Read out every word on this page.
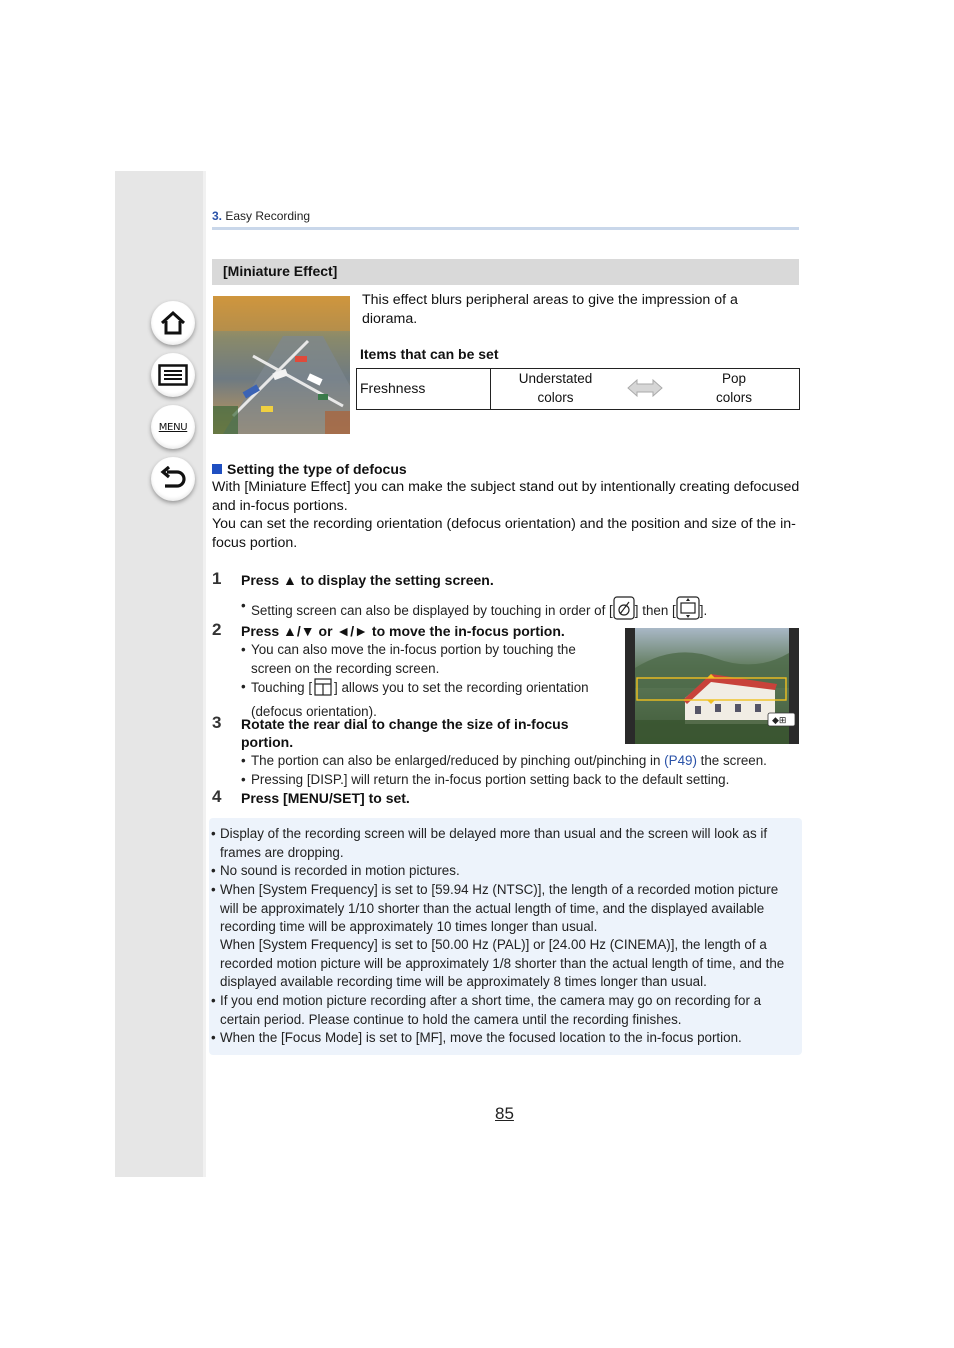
MENU
3. Easy Recording
[Miniature Effect]
This effect blurs peripheral areas to give the impression of a diorama.
Items that can be set
Freshness
Understated
colors
Pop
colors
Setting the type of defocus
With [Miniature Effect] you can make the subject stand out by intentionally creating defocused and in-focus portions.
You can set the recording orientation (defocus orientation) and the position and size of the in-focus portion.
1 Press ▲ to display the setting screen.
• Setting screen can also be displayed by touching in order of [ ] then [ ].
2 Press ▲/▼ or ◄/► to move the in-focus portion.
• You can also move the in-focus portion by touching the screen on the recording screen.
• Touching [ ] allows you to set the recording orientation (defocus orientation).
◆⊞
3 Rotate the rear dial to change the size of in-focus portion.
• The portion can also be enlarged/reduced by pinching out/pinching in (P49) the screen.
• Pressing [DISP.] will return the in-focus portion setting back to the default setting.
4 Press [MENU/SET] to set.
• Display of the recording screen will be delayed more than usual and the screen will look as if frames are dropping.
• No sound is recorded in motion pictures.
• When [System Frequency] is set to [59.94 Hz (NTSC)], the length of a recorded motion picture will be approximately 1/10 shorter than the actual length of time, and the displayed available recording time will be approximately 10 times longer than usual.
When [System Frequency] is set to [50.00 Hz (PAL)] or [24.00 Hz (CINEMA)], the length of a recorded motion picture will be approximately 1/8 shorter than the actual length of time, and the displayed available recording time will be approximately 8 times longer than usual.
• If you end motion picture recording after a short time, the camera may go on recording for a certain period. Please continue to hold the camera until the recording finishes.
• When the [Focus Mode] is set to [MF], move the focused location to the in-focus portion.
85
